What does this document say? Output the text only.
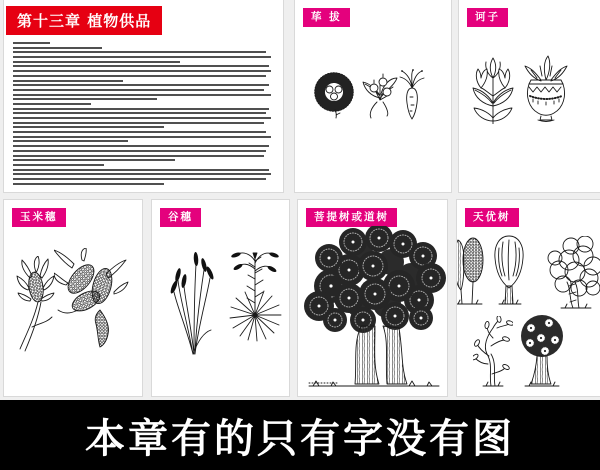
第十三章 植物供品	荜 拔	诃子
玉米穗	谷穗	菩提树或道树	天优树
本章有的只有字没有图
